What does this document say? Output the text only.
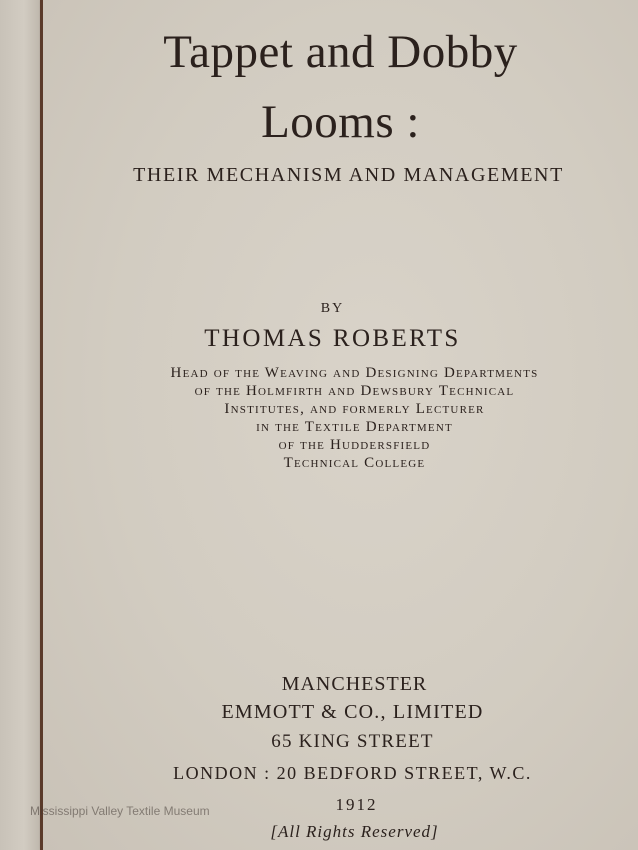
Tappet and Dobby
Looms :
THEIR MECHANISM AND MANAGEMENT
BY
THOMAS ROBERTS
Head of the Weaving and Designing Departments
of the Holmfirth and Dewsbury Technical
Institutes, and formerly Lecturer
in the Textile Department
of the Huddersfield
Technical College
MANCHESTER
EMMOTT & CO., LIMITED
65 KING STREET
LONDON : 20 BEDFORD STREET, W.C.
1912
[All Rights Reserved]
Mississippi Valley Textile Museum
